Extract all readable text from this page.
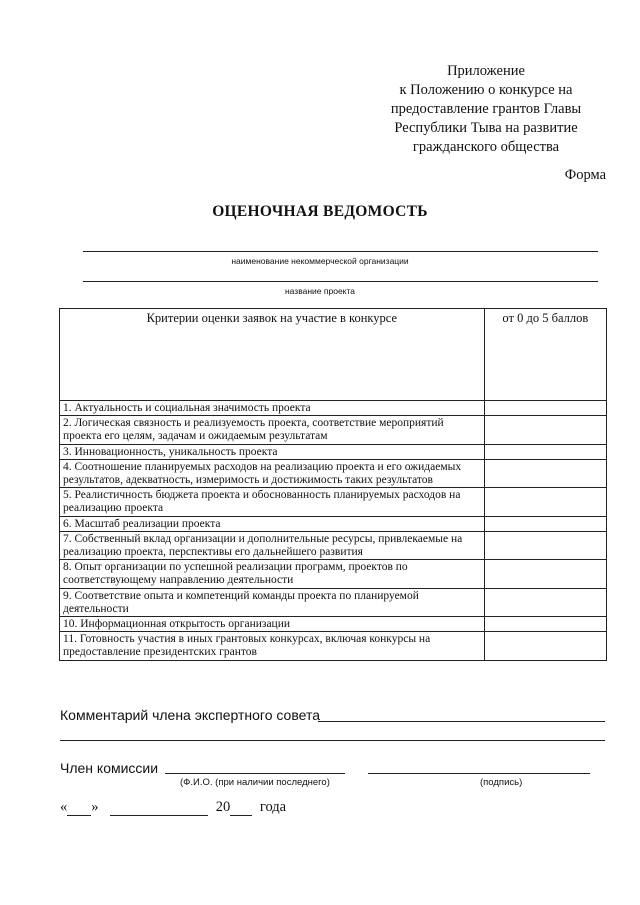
Приложение
к Положению о конкурсе на
предоставление грантов Главы
Республики Тыва на развитие
гражданского общества
Форма
ОЦЕНОЧНАЯ ВЕДОМОСТЬ
наименование некоммерческой организации
название проекта
Критерии оценки заявок на участие в конкурсе	от 0 до 5 баллов
1. Актуальность и социальная значимость проекта	
2. Логическая связность и реализуемость проекта, соответствие мероприятий проекта его целям, задачам и ожидаемым результатам	
3. Инновационность, уникальность проекта	
4. Соотношение планируемых расходов на реализацию проекта и его ожидаемых результатов, адекватность, измеримость и достижимость таких результатов	
5. Реалистичность бюджета проекта и обоснованность планируемых расходов на реализацию проекта	
6. Масштаб реализации проекта	
7. Собственный вклад организации и дополнительные ресурсы, привлекаемые на реализацию проекта, перспективы его дальнейшего развития	
8. Опыт организации по успешной реализации программ, проектов по соответствующему направлению деятельности	
9. Соответствие опыта и компетенций команды проекта по планируемой деятельности	
10. Информационная открытость организации	
11. Готовность участия в иных грантовых конкурсах, включая конкурсы на предоставление президентских грантов	
Комментарий члена экспертного совета
Член комиссии
(Ф.И.О. (при наличии последнего)	(подпись)
« »	20 года
